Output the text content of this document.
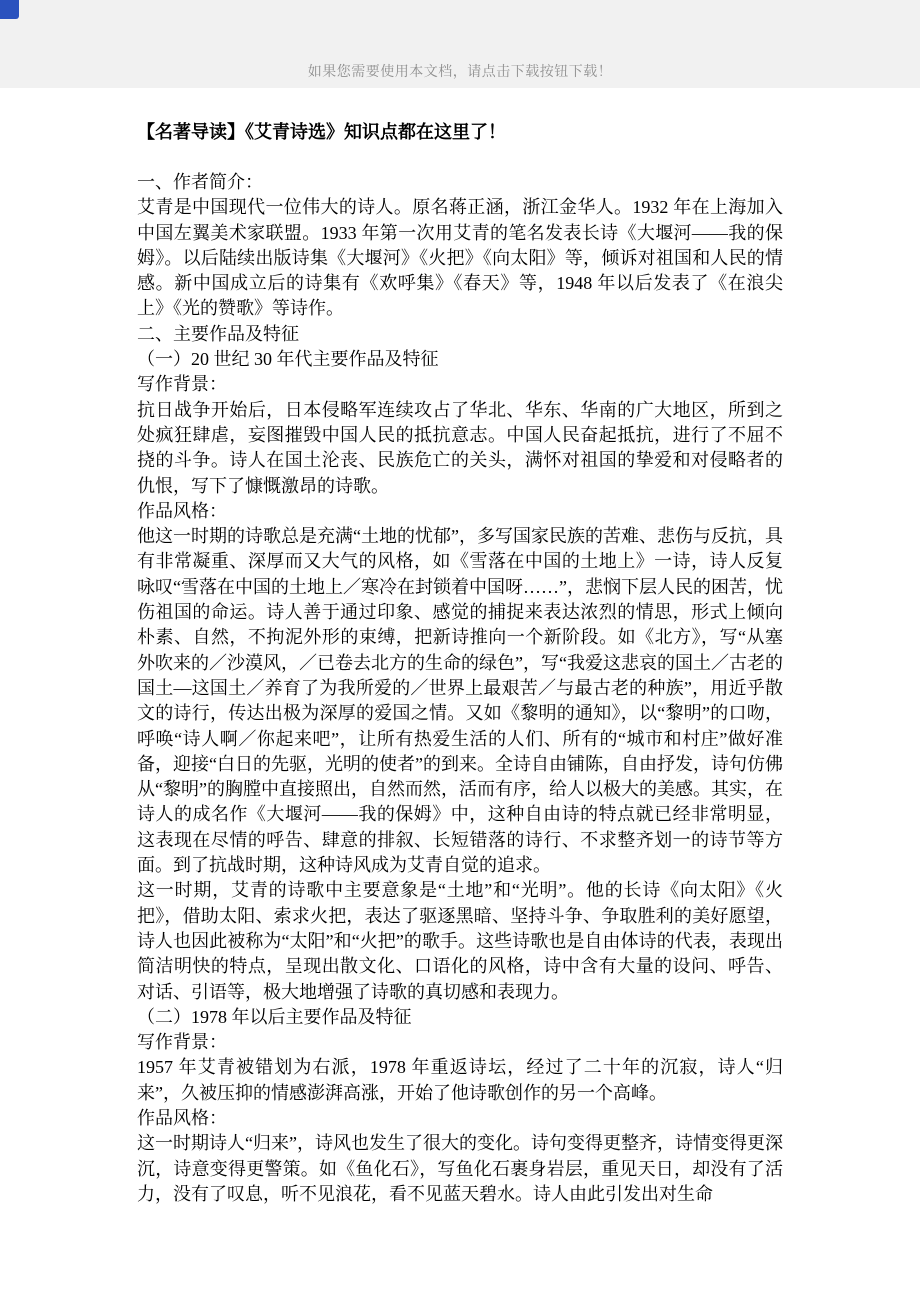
如果您需要使用本文档，请点击下载按钮下载！
【名著导读】《艾青诗选》知识点都在这里了！

一、作者简介：

艾青是中国现代一位伟大的诗人。原名蒋正涵，浙江金华人。1932 年在上海加入中国左翼美术家联盟。1933 年第一次用艾青的笔名发表长诗《大堰河——我的保姆》。以后陆续出版诗集《大堰河》《火把》《向太阳》等，倾诉对祖国和人民的情感。新中国成立后的诗集有《欢呼集》《春天》等，1948 年以后发表了《在浪尖上》《光的赞歌》等诗作。

二、主要作品及特征

（一）20 世纪 30 年代主要作品及特征

写作背景：

抗日战争开始后，日本侵略军连续攻占了华北、华东、华南的广大地区，所到之处疯狂肆虐，妄图摧毁中国人民的抵抗意志。中国人民奋起抵抗，进行了不屈不挠的斗争。诗人在国土沦丧、民族危亡的关头，满怀对祖国的挚爱和对侵略者的仇恨，写下了慷慨激昂的诗歌。

作品风格：

他这一时期的诗歌总是充满“土地的忧郁”，多写国家民族的苦难、悲伤与反抗，具有非常凝重、深厚而又大气的风格，如《雪落在中国的土地上》一诗，诗人反复咏叹“雪落在中国的土地上／寒冷在封锁着中国呀……”，悲悯下层人民的困苦，忧伤祖国的命运。诗人善于通过印象、感觉的捕捉来表达浓烈的情思，形式上倾向朴素、自然，不拘泥外形的束缚，把新诗推向一个新阶段。如《北方》，写“从塞外吹来的／沙漠风，／已卷去北方的生命的绿色”，写“我爱这悲哀的国土／古老的国土—这国土／养育了为我所爱的／世界上最艰苦／与最古老的种族”，用近乎散文的诗行，传达出极为深厚的爱国之情。又如《黎明的通知》，以“黎明”的口吻，呼唤“诗人啊／你起来吧”，让所有热爱生活的人们、所有的“城市和村庄”做好准备，迎接“白日的先驱，光明的使者”的到来。全诗自由铺陈，自由抒发，诗句仿佛从“黎明”的胸膛中直接照出，自然而然，活而有序，给人以极大的美感。其实，在诗人的成名作《大堰河——我的保姆》中，这种自由诗的特点就已经非常明显，这表现在尽情的呼告、肆意的排叙、长短错落的诗行、不求整齐划一的诗节等方面。到了抗战时期，这种诗风成为艾青自觉的追求。

这一时期，艾青的诗歌中主要意象是“土地”和“光明”。他的长诗《向太阳》《火把》，借助太阳、索求火把，表达了驱逐黑暗、坚持斗争、争取胜利的美好愿望，诗人也因此被称为“太阳”和“火把”的歌手。这些诗歌也是自由体诗的代表，表现出简洁明快的特点，呈现出散文化、口语化的风格，诗中含有大量的设问、呼告、对话、引语等，极大地增强了诗歌的真切感和表现力。

（二）1978 年以后主要作品及特征

写作背景：

1957 年艾青被错划为右派，1978 年重返诗坛，经过了二十年的沉寂，诗人“归来”，久被压抑的情感澎湃高涨，开始了他诗歌创作的另一个高峰。

作品风格：

这一时期诗人“归来”，诗风也发生了很大的变化。诗句变得更整齐，诗情变得更深沉，诗意变得更警策。如《鱼化石》，写鱼化石裹身岩层，重见天日，却没有了活力，没有了叹息，听不见浪花，看不见蓝天碧水。诗人由此引发出对生命
